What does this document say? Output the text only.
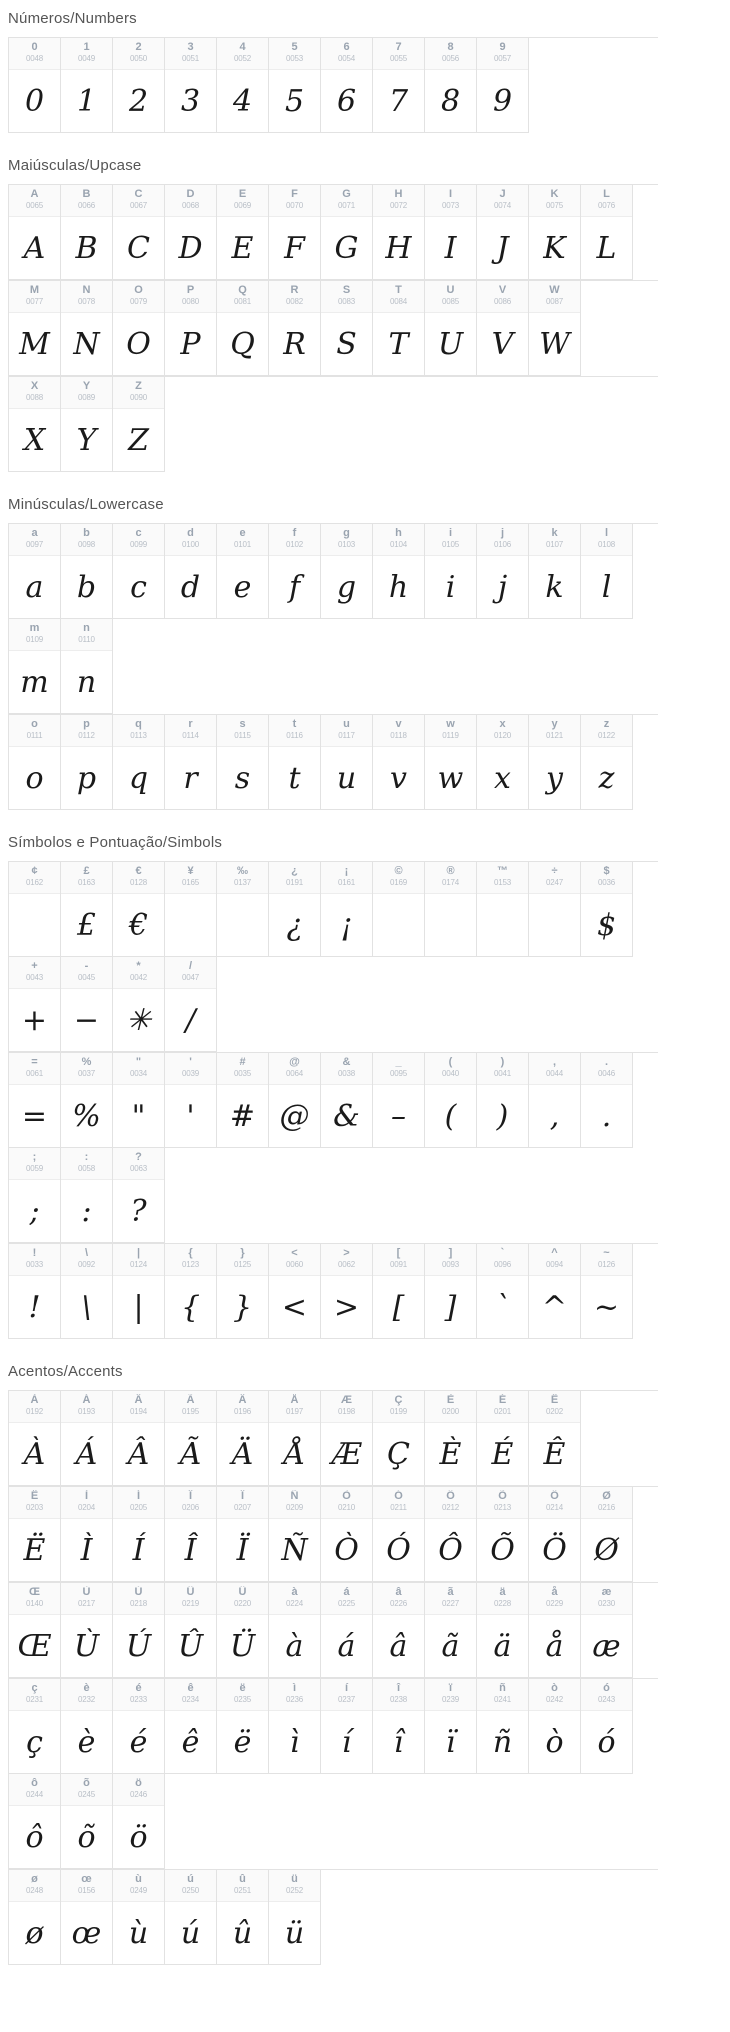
Números/Numbers
0
0048
0
1
0049
1
2
0050
2
3
0051
3
4
0052
4
5
0053
5
6
0054
6
7
0055
7
8
0056
8
9
0057
9
Maiúsculas/Upcase
A
0065
A
B
0066
B
C
0067
C
D
0068
D
E
0069
E
F
0070
F
G
0071
G
H
0072
H
I
0073
I
J
0074
J
K
0075
K
L
0076
L
M
0077
M
N
0078
N
O
0079
O
P
0080
P
Q
0081
Q
R
0082
R
S
0083
S
T
0084
T
U
0085
U
V
0086
V
W
0087
W
X
0088
X
Y
0089
Y
Z
0090
Z
Minúsculas/Lowercase
a
0097
a
b
0098
b
c
0099
c
d
0100
d
e
0101
e
f
0102
f
g
0103
g
h
0104
h
i
0105
i
j
0106
j
k
0107
k
l
0108
l
m
0109
m
n
0110
n
o
0111
o
p
0112
p
q
0113
q
r
0114
r
s
0115
s
t
0116
t
u
0117
u
v
0118
v
w
0119
w
x
0120
x
y
0121
y
z
0122
z
Símbolos e Pontuação/Simbols
¢
0162
£
0163
£
€
0128
€
¥
0165
‰
0137
¿
0191
¿
¡
0161
¡
©
0169
®
0174
™
0153
÷
0247
$
0036
$
+
0043
+
-
0045
−
*
0042
✳
/
0047
/
=
0061
=
%
0037
%
"
0034
"
'
0039
'
#
0035
#
@
0064
@
&
0038
&
_
0095
–
(
0040
(
)
0041
)
,
0044
,
.
0046
.
;
0059
;
:
0058
:
?
0063
?
!
0033
!
\
0092
\
|
0124
|
{
0123
{
}
0125
}
<
0060
<
>
0062
>
[
0091
[
]
0093
]
`
0096
`
^
0094
^
~
0126
~
Acentos/Accents
À
0192
À
Á
0193
Á
Â
0194
Â
Ã
0195
Ã
Ä
0196
Ä
Å
0197
Å
Æ
0198
Æ
Ç
0199
Ç
È
0200
È
É
0201
É
Ê
0202
Ê
Ë
0203
Ë
Ì
0204
Ì
Í
0205
Í
Î
0206
Î
Ï
0207
Ï
Ñ
0209
Ñ
Ò
0210
Ò
Ó
0211
Ó
Ô
0212
Ô
Õ
0213
Õ
Ö
0214
Ö
Ø
0216
Ø
Œ
0140
Œ
Ù
0217
Ù
Ú
0218
Ú
Û
0219
Û
Ü
0220
Ü
à
0224
à
á
0225
á
â
0226
â
ã
0227
ã
ä
0228
ä
å
0229
å
æ
0230
æ
ç
0231
ç
è
0232
è
é
0233
é
ê
0234
ê
ë
0235
ë
ì
0236
ì
í
0237
í
î
0238
î
ï
0239
ï
ñ
0241
ñ
ò
0242
ò
ó
0243
ó
ô
0244
ô
õ
0245
õ
ö
0246
ö
ø
0248
ø
œ
0156
œ
ù
0249
ù
ú
0250
ú
û
0251
û
ü
0252
ü
